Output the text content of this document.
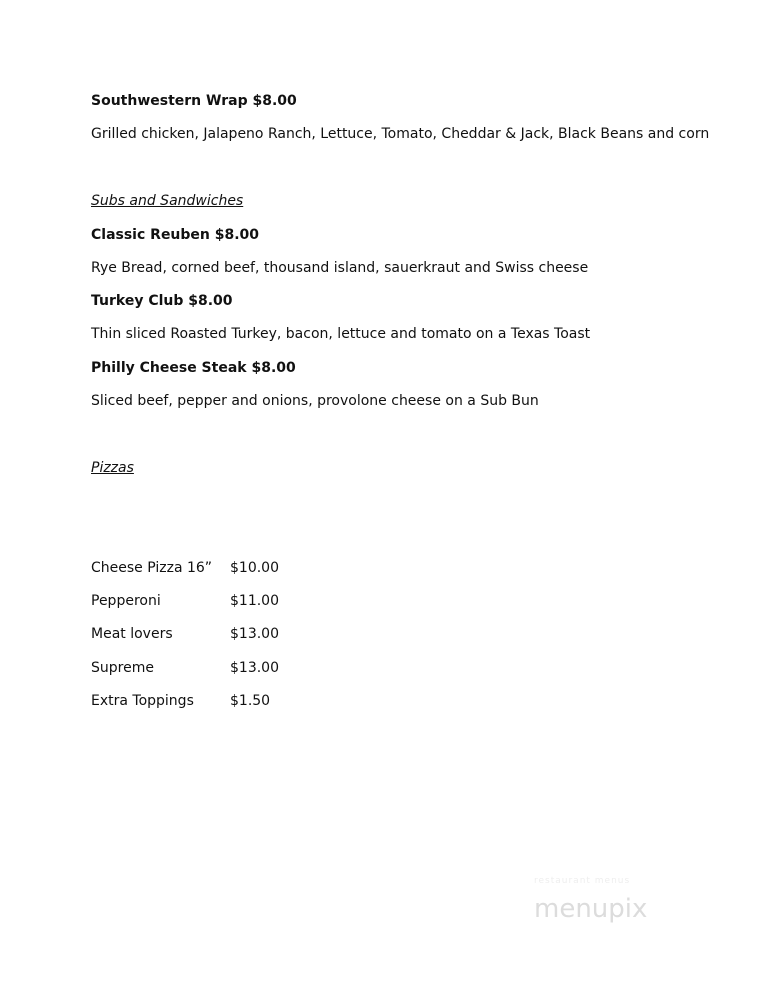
Southwestern Wrap $8.00
Grilled chicken, Jalapeno Ranch, Lettuce, Tomato, Cheddar & Jack, Black Beans and corn
Subs and Sandwiches
Classic Reuben $8.00
Rye Bread, corned beef, thousand island, sauerkraut and Swiss cheese
Turkey Club $8.00
Thin sliced Roasted Turkey, bacon, lettuce and tomato on a Texas Toast
Philly Cheese Steak $8.00
Sliced beef, pepper and onions, provolone cheese on a Sub Bun
Pizzas
Cheese Pizza 16” $10.00
Pepperoni	$11.00
Meat lovers	$13.00
Supreme	$13.00
Extra Toppings	$1.50
restaurant menus
menupix
